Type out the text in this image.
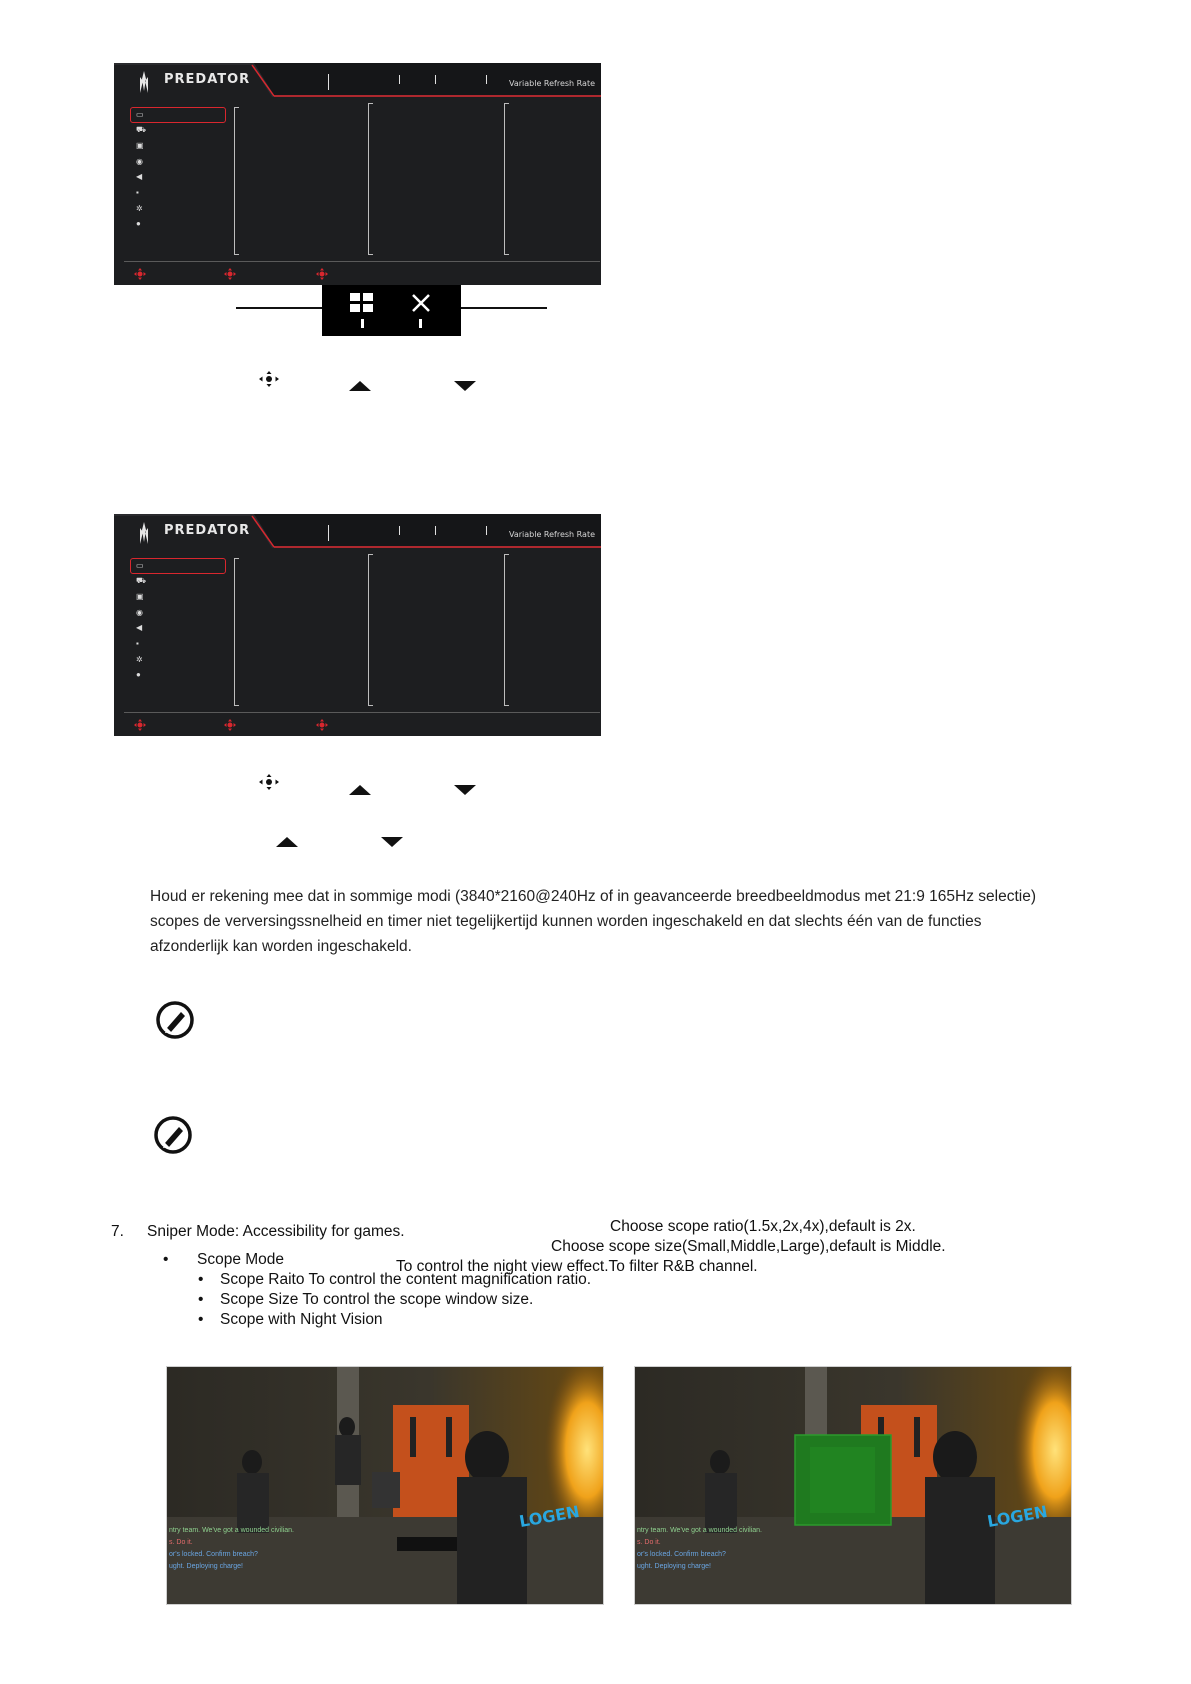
PREDATOR	Variable Refresh Rate
▭
⛟
▣
◉
◀
▪
✲
●
PREDATOR	Variable Refresh Rate
▭
⛟
▣
◉
◀
▪
✲
●
Houd er rekening mee dat in sommige modi (3840*2160@240Hz of in geavanceerde breedbeeldmodus met 21:9 165Hz selectie) scopes de verversingssnelheid en timer niet tegelijkertijd kunnen worden ingeschakeld en dat slechts één van de functies afzonderlijk kan worden ingeschakeld.
7. Sniper Mode: Accessibility for games.
• Scope Mode
• Scope Raito To control the content magnification ratio.
• Scope Size To control the scope window size.
• Scope with Night Vision
Choose scope ratio(1.5x,2x,4x),default is 2x.
Choose scope size(Small,Middle,Large),default is Middle.
To control the night view effect.To filter R&B channel.
ntry team. We've got a wounded civilian.
s. Do it.
or's locked. Confirm breach?
ught. Deploying charge!
LOGEN	ntry team. We've got a wounded civilian.
s. Do it.
or's locked. Confirm breach?
ught. Deploying charge!
LOGEN
